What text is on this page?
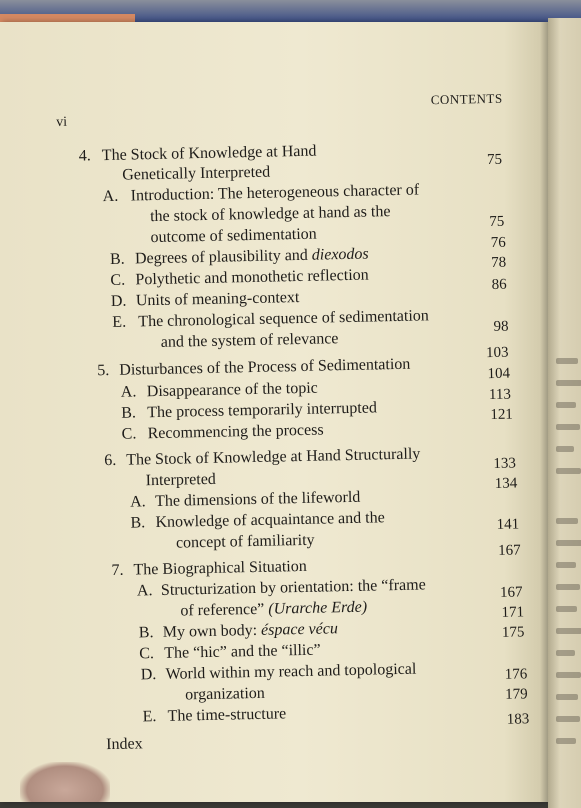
CONTENTS
vi
4. The Stock of Knowledge at Hand
Genetically Interpreted
75
A. Introduction: The heterogeneous character of
the stock of knowledge at hand as the
outcome of sedimentation
75
B. Degrees of plausibility and diexodos
76
C. Polythetic and monothetic reflection
78
D. Units of meaning-context
86
E. The chronological sequence of sedimentation
and the system of relevance
98
5. Disturbances of the Process of Sedimentation
103
A. Disappearance of the topic
104
B. The process temporarily interrupted
113
C. Recommencing the process
121
6. The Stock of Knowledge at Hand Structurally
Interpreted
133
A. The dimensions of the lifeworld
134
B. Knowledge of acquaintance and the
concept of familiarity
141
7. The Biographical Situation
167
A. Structurization by orientation: the “frame
of reference” (Urarche Erde)
167
B. My own body: éspace vécu
171
C. The “hic” and the “illic”
175
D. World within my reach and topological
organization
176
E. The time-structure
179
Index
183
